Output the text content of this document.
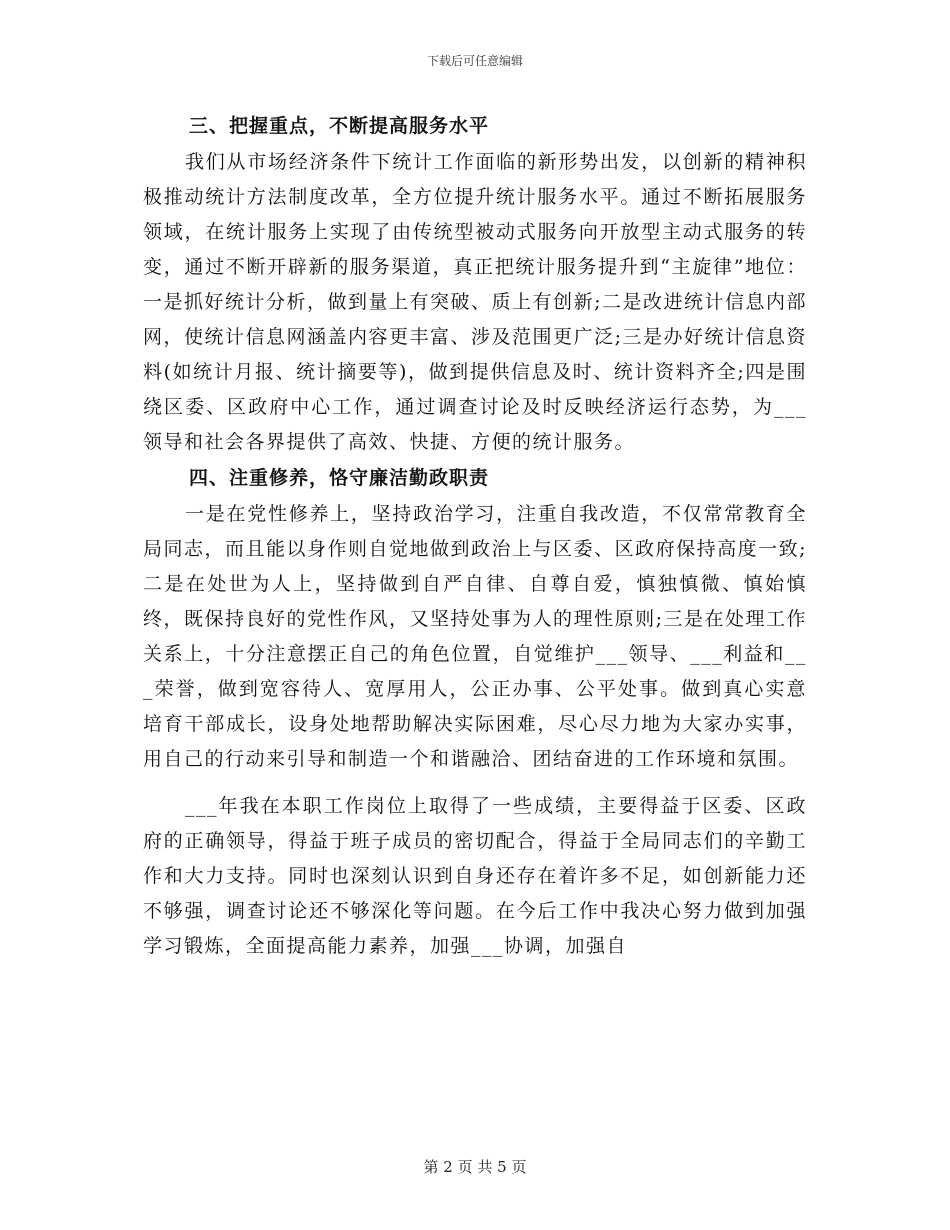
下载后可任意编辑
三、把握重点，不断提高服务水平

我们从市场经济条件下统计工作面临的新形势出发，以创新的精神积极推动统计方法制度改革，全方位提升统计服务水平。通过不断拓展服务领域，在统计服务上实现了由传统型被动式服务向开放型主动式服务的转变，通过不断开辟新的服务渠道，真正把统计服务提升到“主旋律”地位：一是抓好统计分析，做到量上有突破、质上有创新;二是改进统计信息内部网，使统计信息网涵盖内容更丰富、涉及范围更广泛;三是办好统计信息资料(如统计月报、统计摘要等)，做到提供信息及时、统计资料齐全;四是围绕区委、区政府中心工作，通过调查讨论及时反映经济运行态势，为___领导和社会各界提供了高效、快捷、方便的统计服务。

四、注重修养，恪守廉洁勤政职责

一是在党性修养上，坚持政治学习，注重自我改造，不仅常常教育全局同志，而且能以身作则自觉地做到政治上与区委、区政府保持高度一致;二是在处世为人上，坚持做到自严自律、自尊自爱，慎独慎微、慎始慎终，既保持良好的党性作风，又坚持处事为人的理性原则;三是在处理工作关系上，十分注意摆正自己的角色位置，自觉维护___领导、___利益和___荣誉，做到宽容待人、宽厚用人，公正办事、公平处事。做到真心实意培育干部成长，设身处地帮助解决实际困难，尽心尽力地为大家办实事，用自己的行动来引导和制造一个和谐融洽、团结奋进的工作环境和氛围。

___年我在本职工作岗位上取得了一些成绩，主要得益于区委、区政府的正确领导，得益于班子成员的密切配合，得益于全局同志们的辛勤工作和大力支持。同时也深刻认识到自身还存在着许多不足，如创新能力还不够强，调查讨论还不够深化等问题。在今后工作中我决心努力做到加强学习锻炼，全面提高能力素养，加强___协调，加强自

第 2 页 共 5 页
